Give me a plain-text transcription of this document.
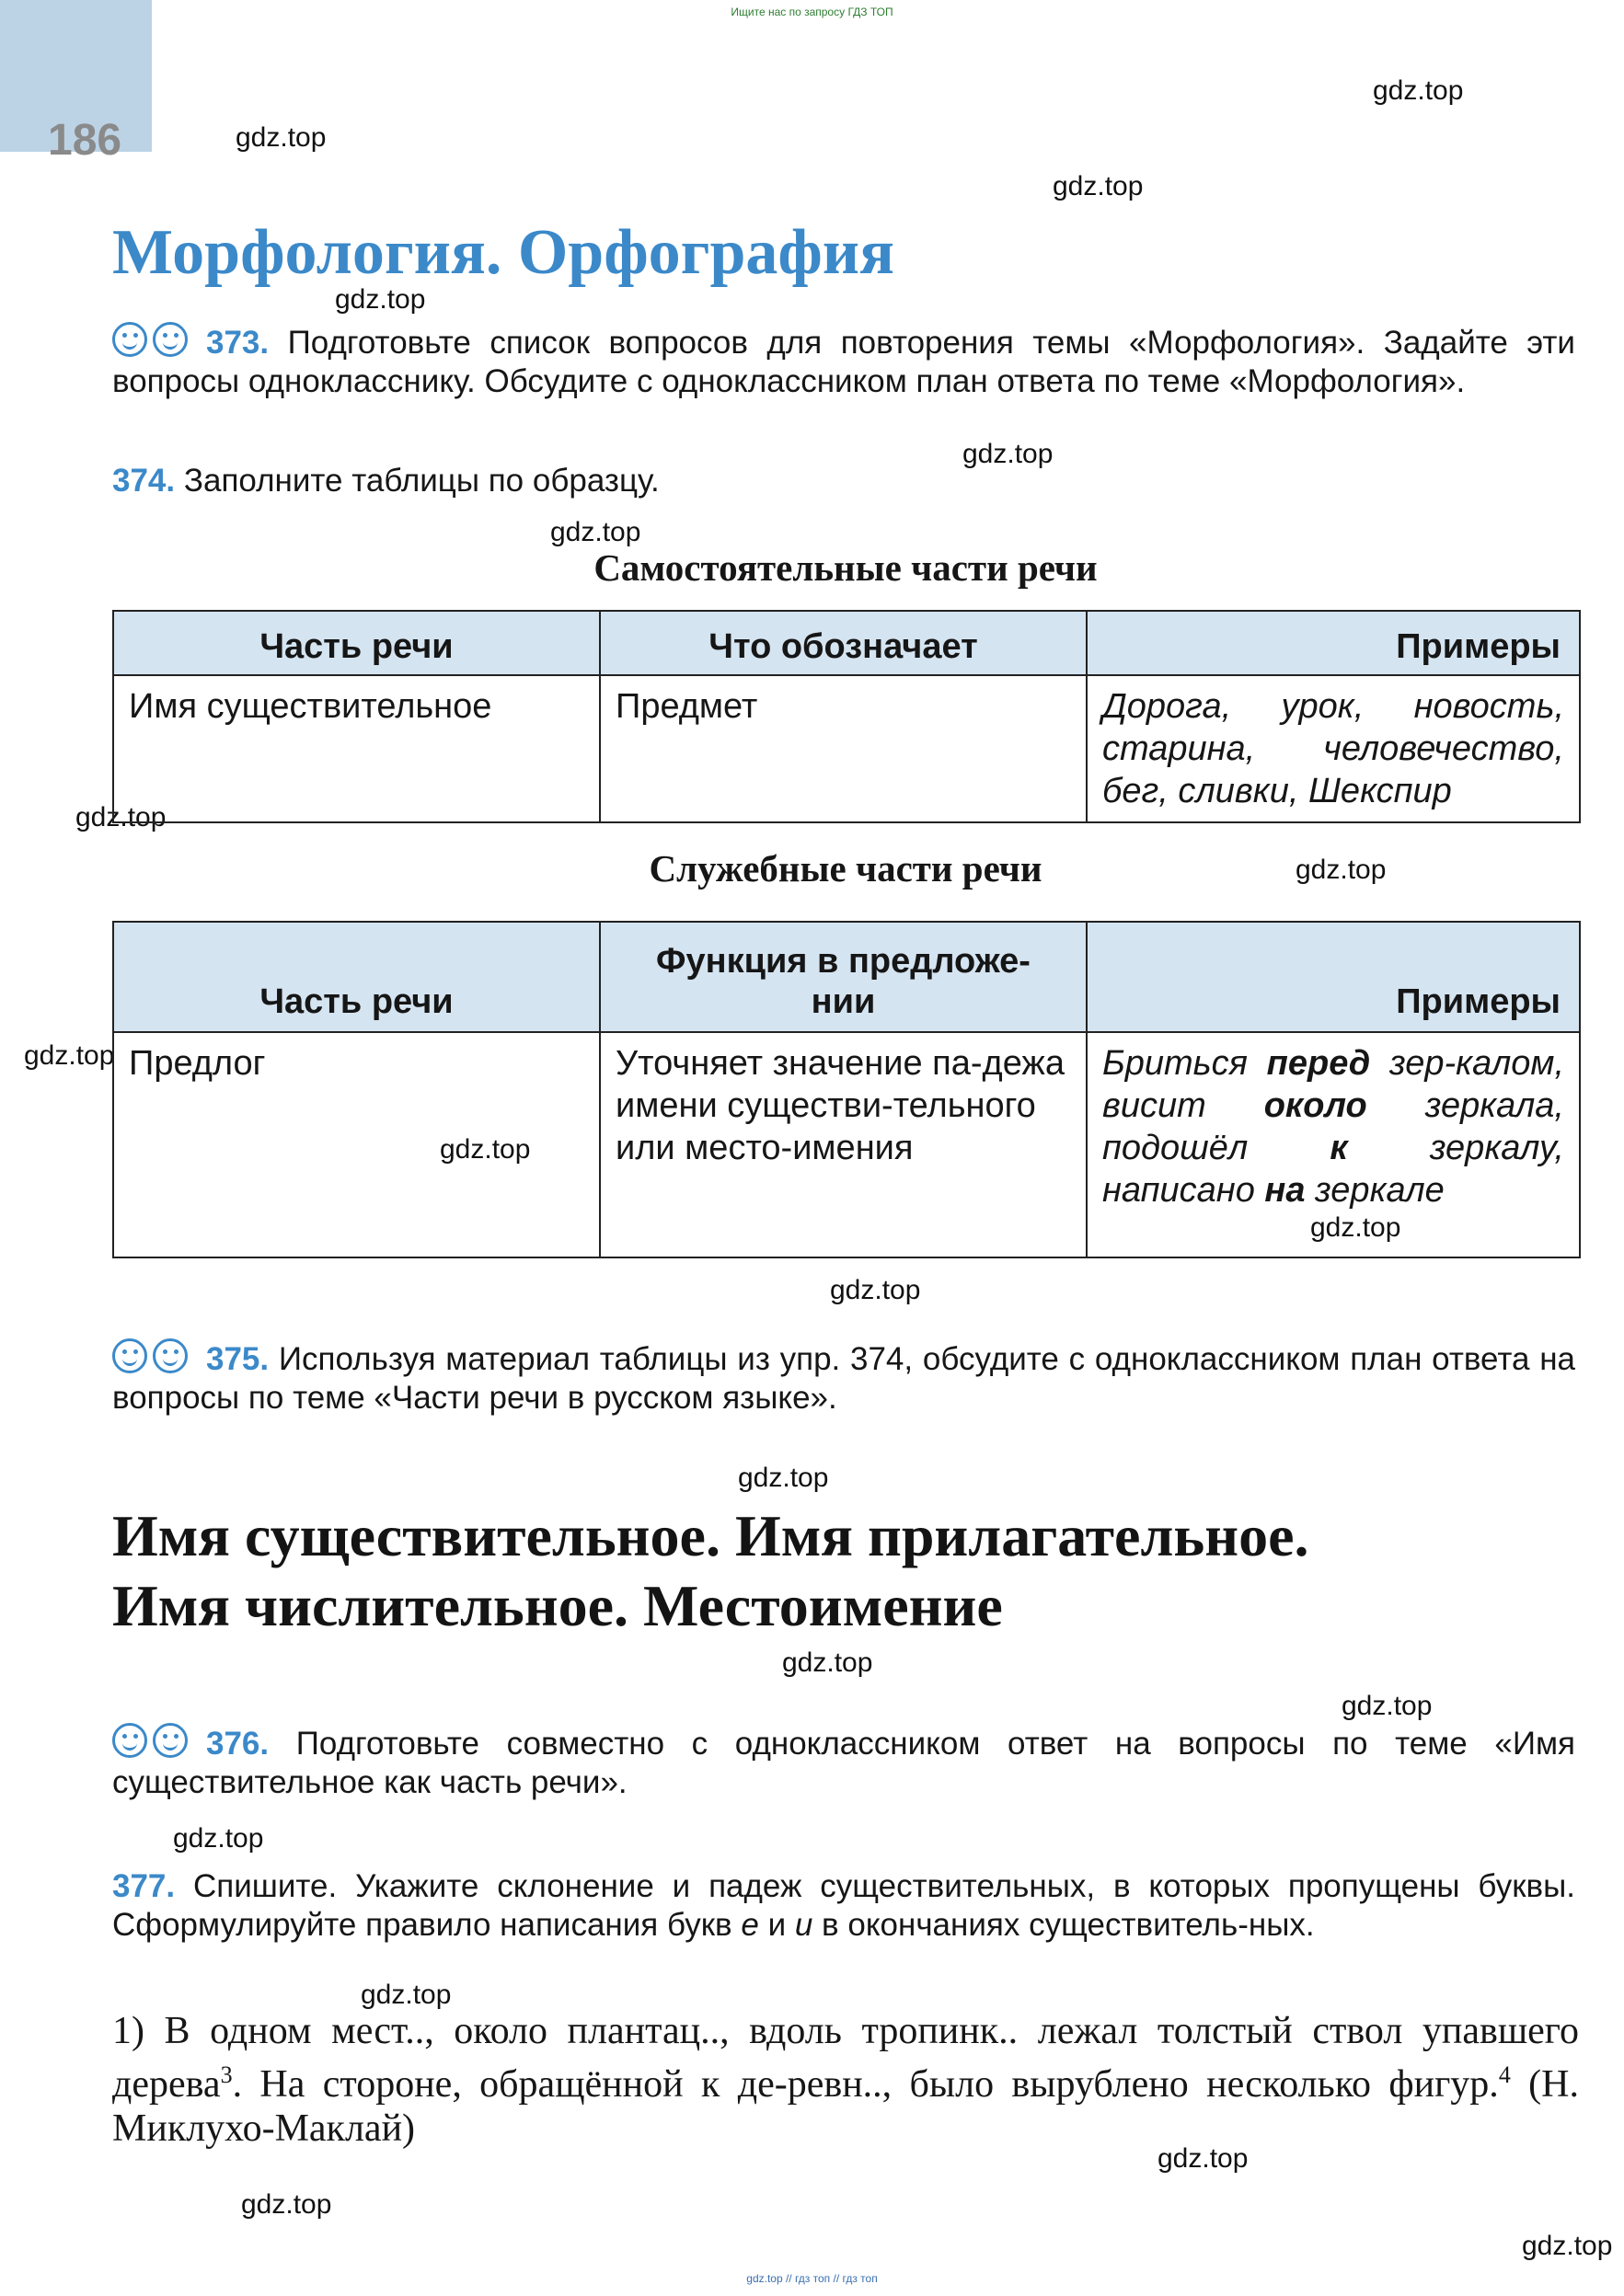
Ищите нас по запросу ГДЗ ТОП
186
gdz.top
gdz.top
gdz.top
gdz.top
gdz.top
gdz.top
gdz.top
gdz.top
gdz.top
gdz.top
gdz.top
gdz.top
gdz.top
gdz.top
gdz.top
gdz.top
gdz.top
gdz.top
gdz.top
gdz.top
Морфология. Орфография
373. Подготовьте список вопросов для повторения темы «Морфология». Задайте эти вопросы однокласснику. Обсудите с одноклассником план ответа по теме «Морфология».
374. Заполните таблицы по образцу.
Самостоятельные части речи
Часть речи	Что обозначает	Примеры
Имя существительное	Предмет	Дорога, урок, новость, старина, человечество, бег, сливки, Шекспир
Служебные части речи
Часть речи	Функция в предложе-нии	Примеры
Предлог	Уточняет значение па-дежа имени существи-тельного или место-имения	Бриться перед зер-калом, висит около зеркала, подошёл к зеркалу, написано на зеркале
375. Используя материал таблицы из упр. 374, обсудите с одноклассником план ответа на вопросы по теме «Части речи в русском языке».
Имя существительное. Имя прилагательное.
Имя числительное. Местоимение
376. Подготовьте совместно с одноклассником ответ на вопросы по теме «Имя существительное как часть речи».
377. Спишите. Укажите склонение и падеж существительных, в которых пропущены буквы. Сформулируйте правило написания букв е и и в окончаниях существитель-ных.
1) В одном мест.., около плантац.., вдоль тропинк.. лежал толстый ствол упавшего дерева$^3$. На стороне, обращённой к де-ревн.., было вырублено несколько фигур.$^4$ (Н. Миклухо-Маклай)
gdz.top // гдз топ // гдз топ
